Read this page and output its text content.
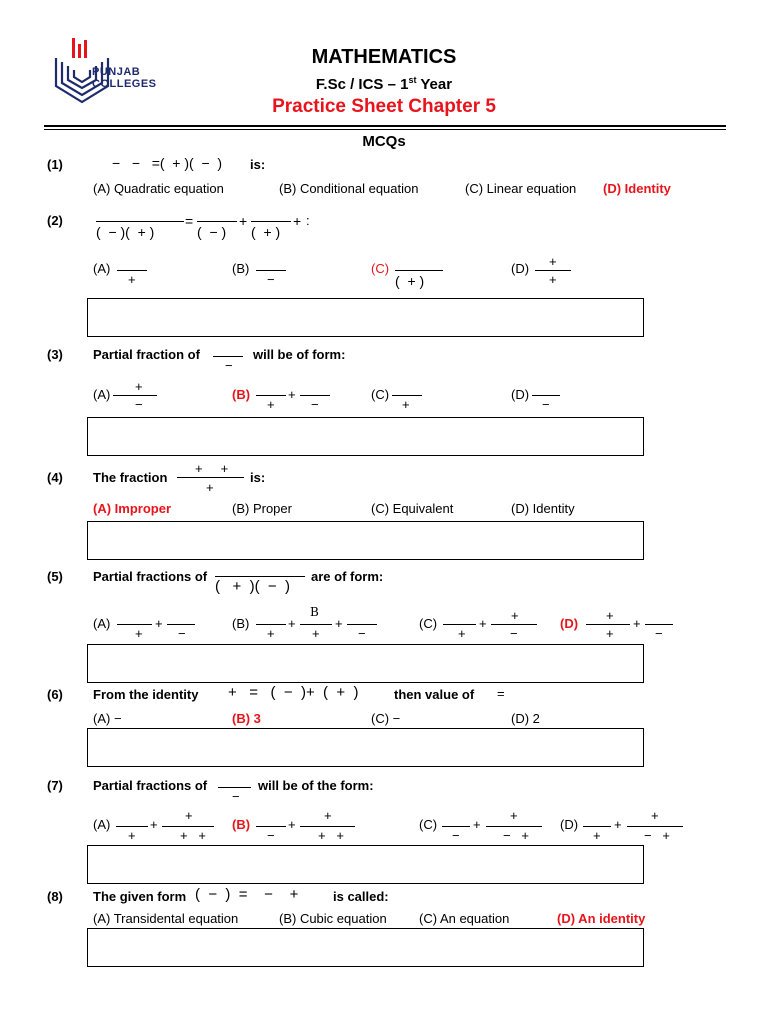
PUNJAB
COLLEGES
MATHEMATICS
F.Sc / ICS – 1st Year
Practice Sheet Chapter 5
MCQs
(1)	−   −   =(  + )(  −  ) is:
(A) Quadratic equation	(B) Conditional equation	(C) Linear equation (D) Identity
(2)
(  − )(  + )
=
(  − )
+
(  + )
+ :
(A)
+
(B)
−
(C)
(  + )
(D) +
+
(3) Partial fraction of
−
will be of form:
(A)
+
−
(B)
+
+
−
(C)
+
(D)
−
(4) The fraction
+     +
+
is:
(A) Improper	(B) Proper	(C) Equivalent	(D) Identity
(5) Partial fractions of
(   +  )(  −  )
are of form:
(A)
+
+
−
(B)
+
+
B
+
+
−
(C)
+
+
+
−
(D)
+
+
+
−
(6) From the identity +   =   (  −  )+  (  +  )	then value of =
(A) −	(B) 3	(C) −	(D) 2
(7) Partial fractions of
−
will be of the form:
(A)
+
+
+
+   +
(B)
−
+
+
+   +
(C)
−
+
+
−   +
(D)
+
+
+
−   +
(8) The given form (  −  )  =    −    +	is called:
(A) Transidental equation	(B) Cubic equation (C) An equation	(D) An identity
